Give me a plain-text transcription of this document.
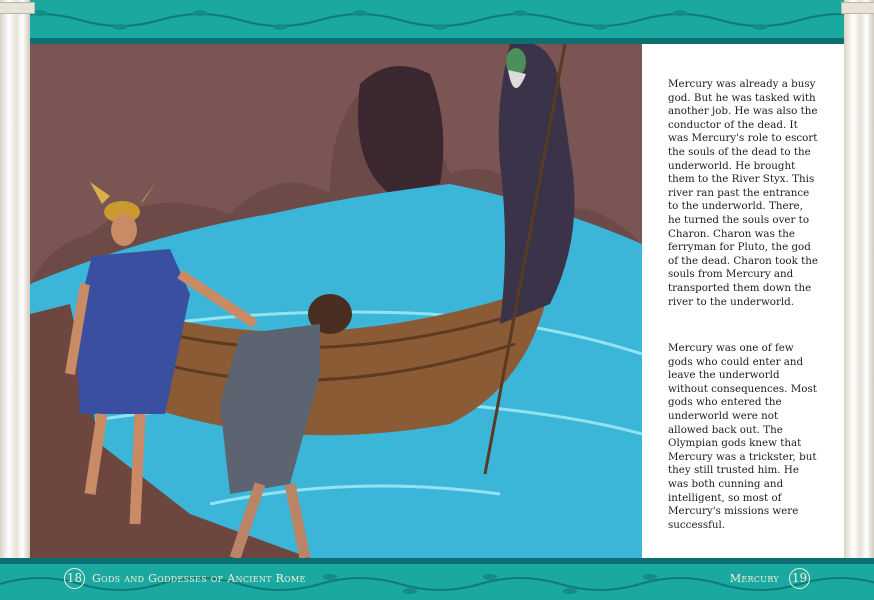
Mercury was already a busy god. But he was tasked with another job. He was also the conductor of the dead. It was Mercury's role to escort the souls of the dead to the underworld. He brought them to the River Styx. This river ran past the entrance to the underworld. There, he turned the souls over to Charon. Charon was the ferryman for Pluto, the god of the dead. Charon took the souls from Mercury and transported them down the river to the underworld.

Mercury was one of few gods who could enter and leave the underworld without consequences. Most gods who entered the underworld were not allowed back out. The Olympian gods knew that Mercury was a trickster, but they still trusted him. He was both cunning and intelligent, so most of Mercury's missions were successful.

18 Gods and Goddesses of Ancient Rome	Mercury 19
